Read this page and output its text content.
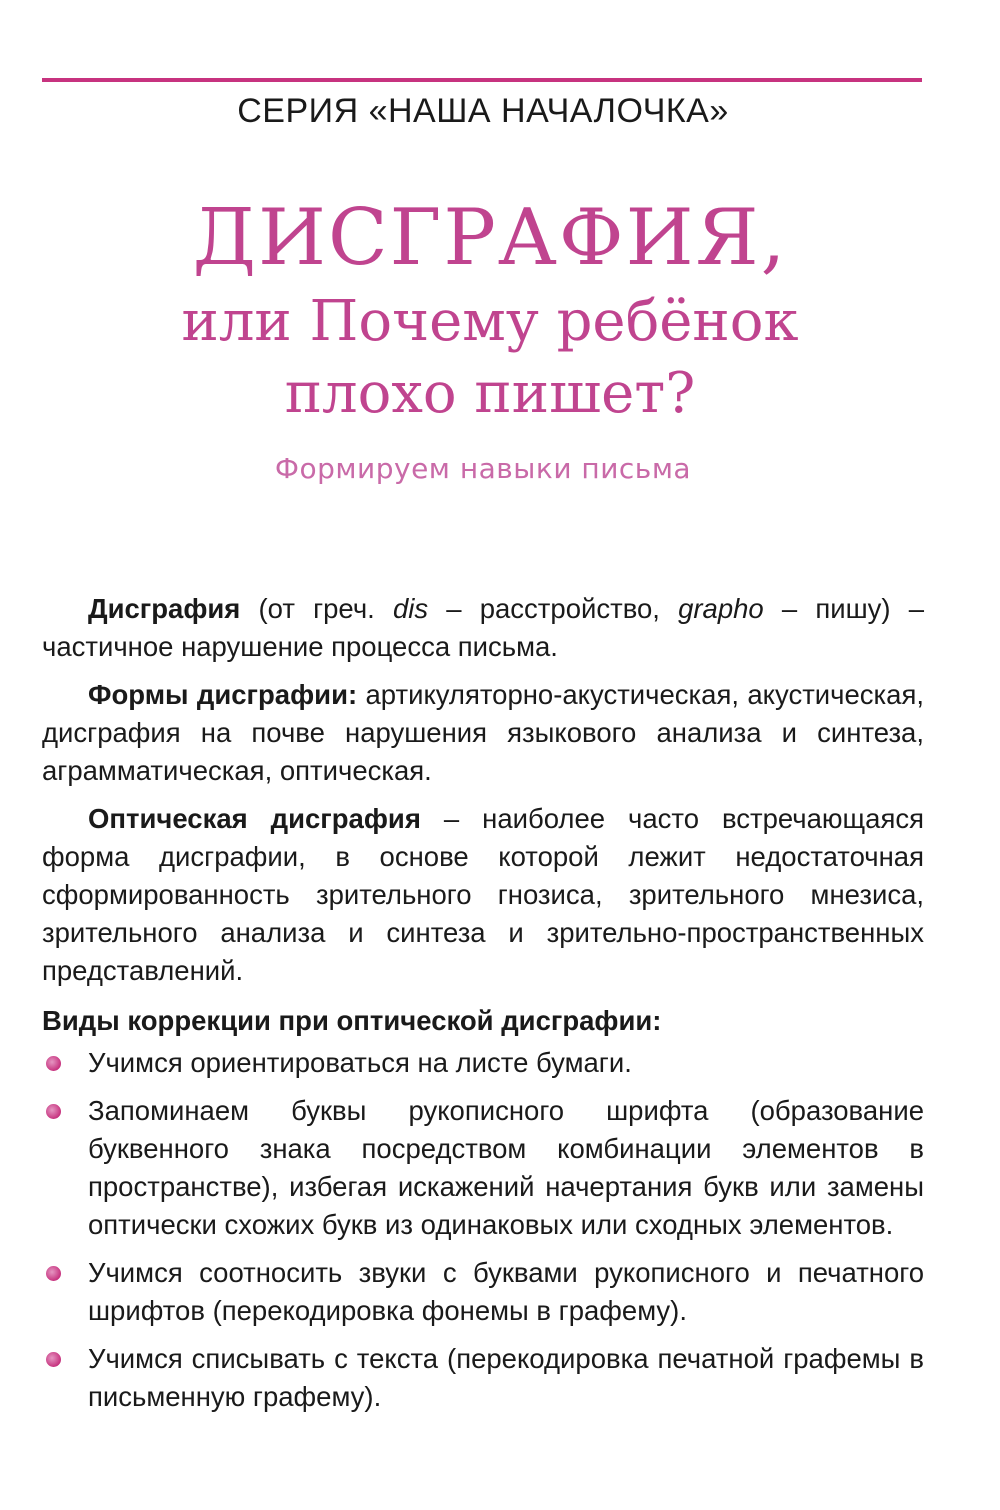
СЕРИЯ «НАША НАЧАЛОЧКА»
ДИСГРАФИЯ,
или Почему ребёнок
плохо пишет?
Формируем навыки письма

Дисграфия (от греч. dis – расстройство, grapho – пишу) – частичное нарушение процесса письма.

Формы дисграфии: артикуляторно-акустическая, акустическая, дисграфия на почве нарушения языкового анализа и синтеза, аграмматическая, оптическая.

Оптическая дисграфия – наиболее часто встречающаяся форма дисграфии, в основе которой лежит недостаточная сформированность зрительного гнозиса, зрительного мнезиса, зрительного анализа и синтеза и зрительно-пространственных представлений.

Виды коррекции при оптической дисграфии:
Учимся ориентироваться на листе бумаги.
Запоминаем буквы рукописного шрифта (образование буквенного знака посредством комбинации элементов в пространстве), избегая искажений начертания букв или замены оптически схожих букв из одинаковых или сходных элементов.
Учимся соотносить звуки с буквами рукописного и печатного шрифтов (перекодировка фонемы в графему).
Учимся списывать с текста (перекодировка печатной графемы в письменную графему).
